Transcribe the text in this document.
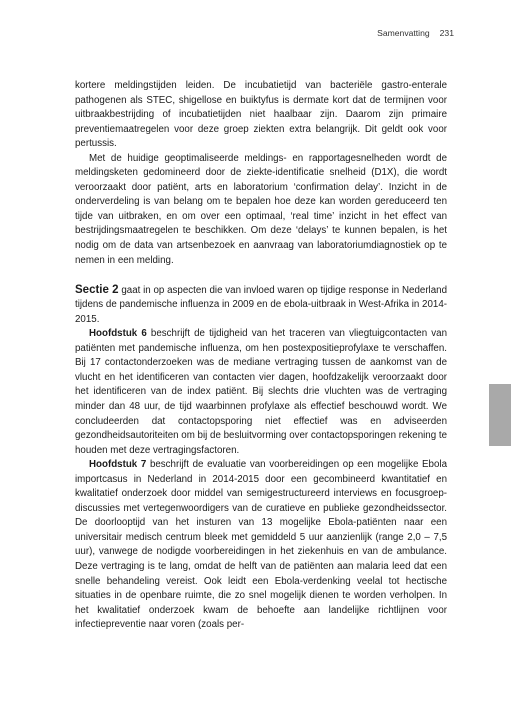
Samenvatting 231

kortere meldingstijden leiden. De incubatietijd van bacteriële gastro-enterale pathogenen als STEC, shigellose en buiktyfus is dermate kort dat de termijnen voor uitbraakbestrijding of incubatietijden niet haalbaar zijn. Daarom zijn primaire preventiemaatregelen voor deze groep ziekten extra belangrijk. Dit geldt ook voor pertussis.

Met de huidige geoptimaliseerde meldings- en rapportagesnelheden wordt de meldingsketen gedomineerd door de ziekte-identificatie snelheid (D1X), die wordt veroorzaakt door patiënt, arts en laboratorium ‘confirmation delay’. Inzicht in de onderverdeling is van belang om te bepalen hoe deze kan worden gereduceerd ten tijde van uitbraken, en om over een optimaal, ‘real time’ inzicht in het effect van bestrijdingsmaatregelen te beschikken. Om deze ‘delays’ te kunnen bepalen, is het nodig om de data van artsenbezoek en aanvraag van laboratoriumdiagnostiek op te nemen in een melding.

Sectie 2 gaat in op aspecten die van invloed waren op tijdige response in Nederland tijdens de pandemische influenza in 2009 en de ebola-uitbraak in West-Afrika in 2014-2015.

Hoofdstuk 6 beschrijft de tijdigheid van het traceren van vliegtuigcontacten van patiënten met pandemische influenza, om hen postexpositieprofylaxe te verschaffen. Bij 17 contactonderzoeken was de mediane vertraging tussen de aankomst van de vlucht en het identificeren van contacten vier dagen, hoofdzakelijk veroorzaakt door het identificeren van de index patiënt. Bij slechts drie vluchten was de vertraging minder dan 48 uur, de tijd waarbinnen profylaxe als effectief beschouwd wordt. We concludeerden dat contactopsporing niet effectief was en adviseerden gezondheidsautoriteiten om bij de besluitvorming over contactopsporingen rekening te houden met deze vertragingsfactoren.

Hoofdstuk 7 beschrijft de evaluatie van voorbereidingen op een mogelijke Ebola importcasus in Nederland in 2014-2015 door een gecombineerd kwantitatief en kwalitatief onderzoek door middel van semigestructureerd interviews en focusgroep-discussies met vertegenwoordigers van de curatieve en publieke gezondheidssector. De doorlooptijd van het insturen van 13 mogelijke Ebola-patiënten naar een universitair medisch centrum bleek met gemiddeld 5 uur aanzienlijk (range 2,0 – 7,5 uur), vanwege de nodigde voorbereidingen in het ziekenhuis en van de ambulance. Deze vertraging is te lang, omdat de helft van de patiënten aan malaria leed dat een snelle behandeling vereist. Ook leidt een Ebola-verdenking veelal tot hectische situaties in de openbare ruimte, die zo snel mogelijk dienen te worden verholpen. In het kwalitatief onderzoek kwam de behoefte aan landelijke richtlijnen voor infectiepreventie naar voren (zoals per-
